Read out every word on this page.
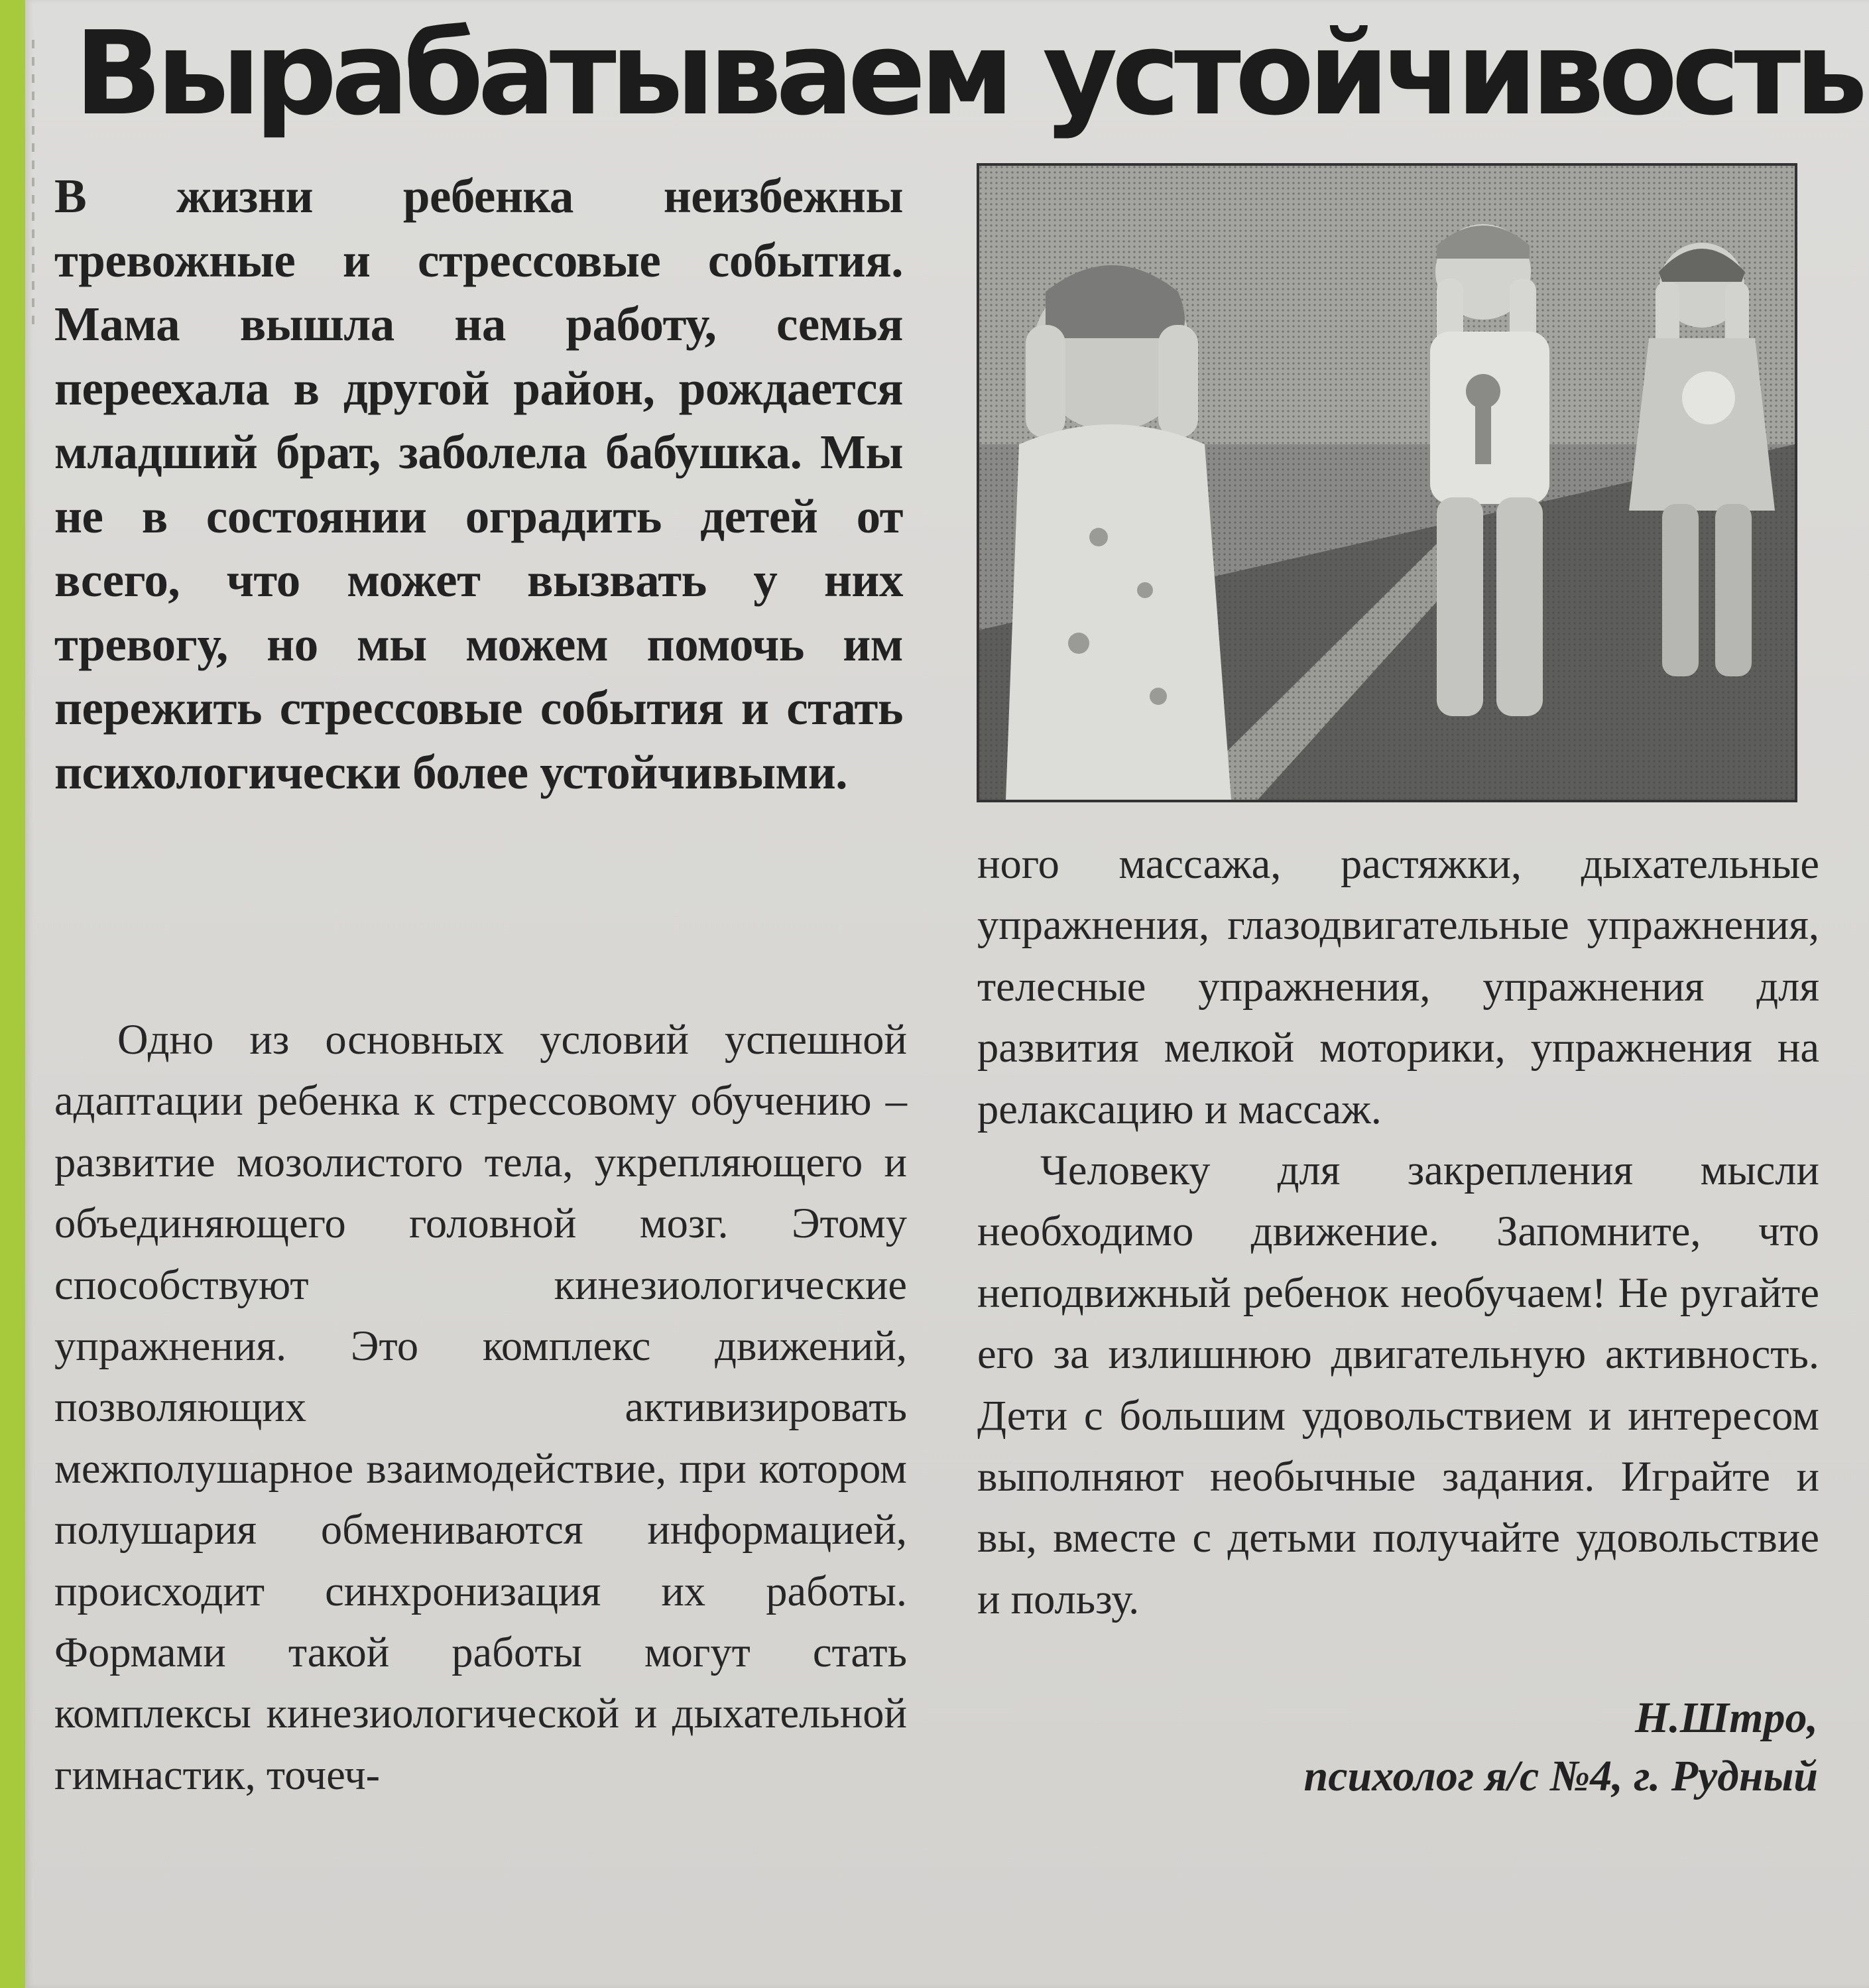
Вырабатываем устойчивость

В жизни ребенка неизбежны тревожные и стрессовые события. Мама вышла на работу, семья переехала в другой район, рождается младший брат, заболела бабушка. Мы не в состоянии оградить детей от всего, что может вызвать у них тревогу, но мы можем помочь им пережить стрессовые события и стать психологически более устойчивыми.

Одно из основных условий успешной адаптации ребенка к стрессовому обучению – развитие мозолистого тела, укрепляющего и объединяющего головной мозг. Этому способствуют кинезиологические упражнения. Это комплекс движений, позволяющих активизировать межполушарное взаимодействие, при котором полушария обмениваются информацией, происходит синхронизация их работы. Формами такой работы могут стать комплексы кинезиологической и дыхательной гимнастик, точеч-

ного массажа, растяжки, дыхательные упражнения, глазодвигательные упражнения, телесные упражнения, упражнения для развития мелкой моторики, упражнения на релаксацию и массаж.

Человеку для закрепления мысли необходимо движение. Запомните, что неподвижный ребенок необучаем! Не ругайте его за излишнюю двигательную активность. Дети с большим удовольствием и интересом выполняют необычные задания. Играйте и вы, вместе с детьми получайте удовольствие и пользу.

Н.Штро,
психолог я/с №4, г. Рудный
